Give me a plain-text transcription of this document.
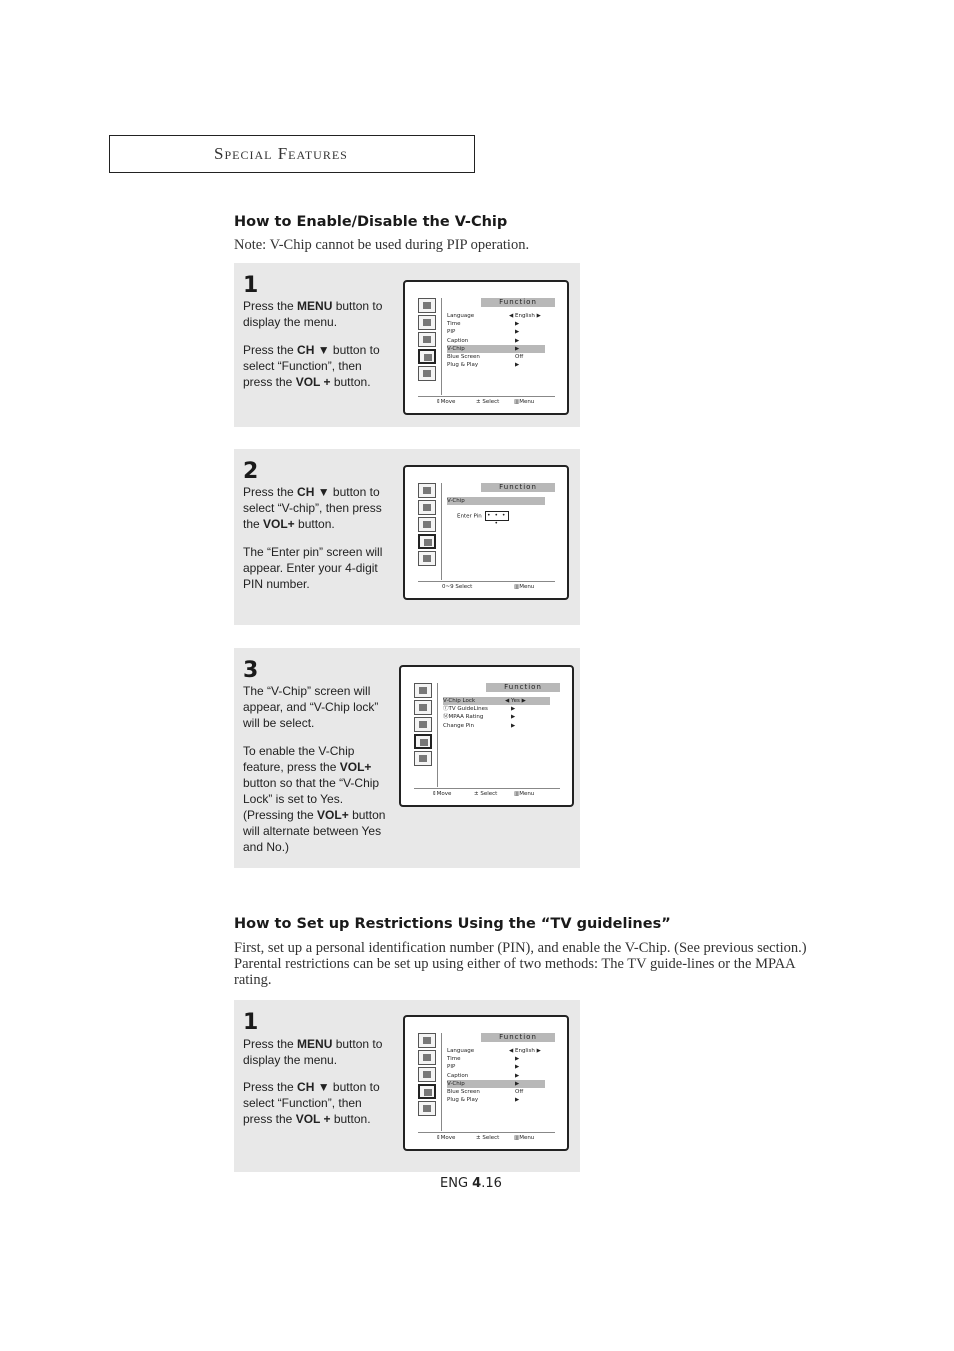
Special Features
How to Enable/Disable the V-Chip
Note: V-Chip cannot be used during PIP operation.
1

Press the MENU button to display the menu.

Press the CH ▼ button to select “Function”, then press the VOL + button.

Function
Language	◀ English ▶
Time	▶
PIP	▶
Caption	▶
V-Chip	▶
Blue Screen	Off
Plug & Play	▶
⇕Move	± Select	▥Menu
2

Press the CH ▼ button to select “V-chip”, then press the VOL+ button.

The “Enter pin” screen will appear. Enter your 4-digit PIN number.

Function
V-Chip
Enter Pin • • • •
0~9 Select	▥Menu
3

The “V-Chip” screen will appear, and “V-Chip lock” will be select.

To enable the V-Chip feature, press the VOL+ button so that the “V-Chip Lock” is set to Yes.

(Pressing the VOL+ button will alternate between Yes and No.)

Function
V-Chip Lock	◀ Yes ▶
ⓉTV GuideLines	▶
ⓂMPAA Rating	▶
Change Pin	▶
⇕Move	± Select	▥Menu
How to Set up Restrictions Using the “TV guidelines”
First, set up a personal identification number (PIN), and enable the V-Chip. (See previous section.) Parental restrictions can be set up using either of two methods: The TV guide-lines or the MPAA rating.
1

Press the MENU button to display the menu.

Press the CH ▼ button to select “Function”, then press the VOL + button.

Function
Language	◀ English ▶
Time	▶
PIP	▶
Caption	▶
V-Chip	▶
Blue Screen	Off
Plug & Play	▶
⇕Move	± Select	▥Menu
ENG 4.16
